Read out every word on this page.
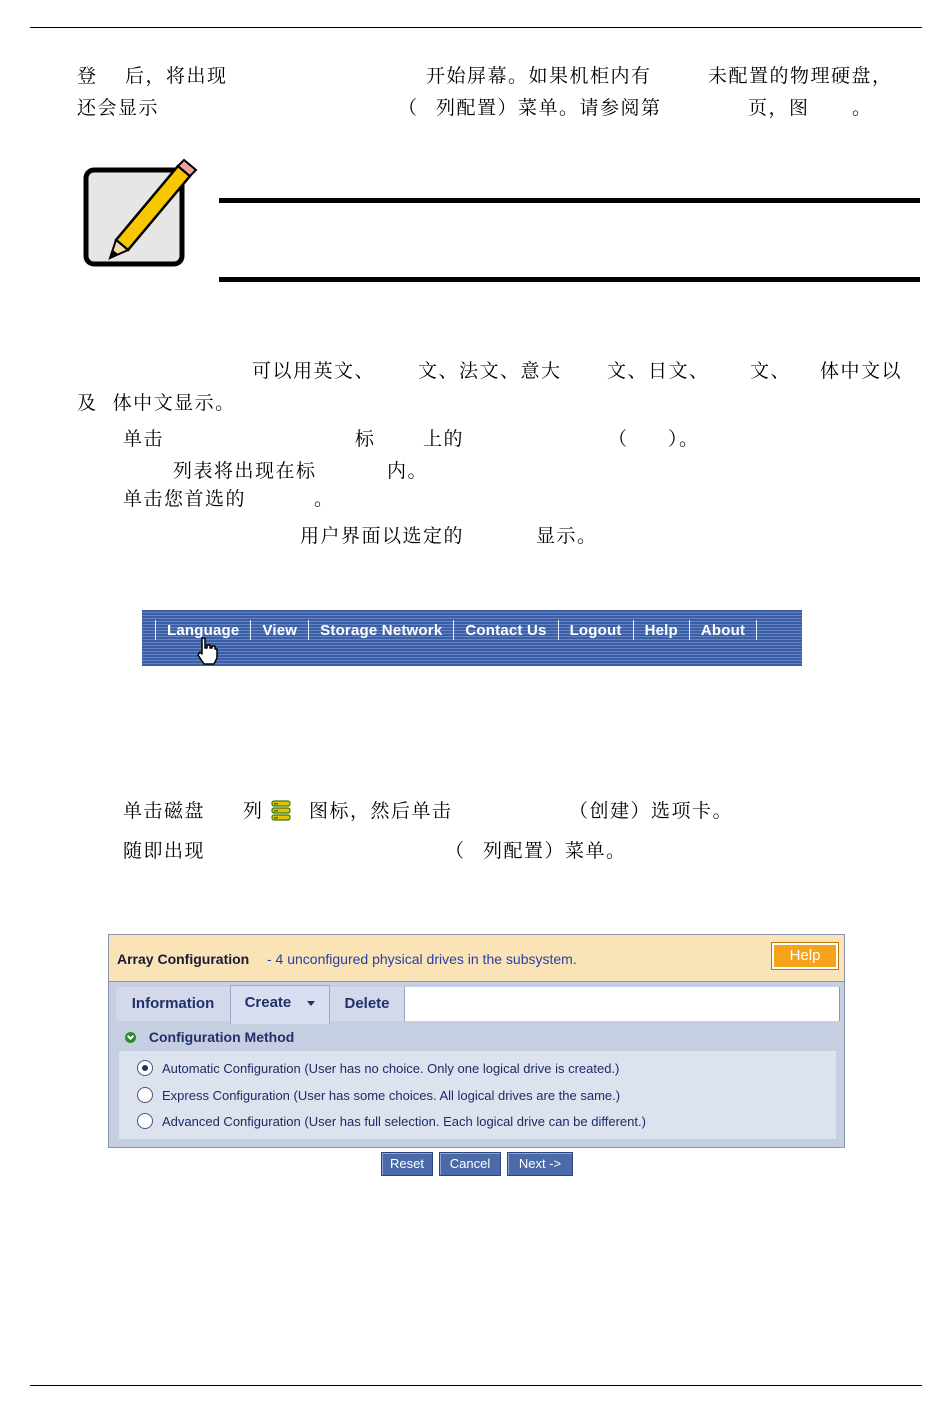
登 后，将出现	开始屏幕。如果机柜内有	未配置的物理硬盘，
还会显示	（ 列配置）菜单。请参阅第	页，图 。
可以用英文、 文、法文、意大 文、日文、 文、 体中文以
及  体中文显示。
单击	标 上的	（ ）。
列表将出现在标	内。
单击您首选的	。
用户界面以选定的	显示。
Language	View	Storage Network	Contact Us	Logout	Help	About
单击磁盘 列 图标，然后单击	（创建）选项卡。
随即出现	（ 列配置）菜单。
Array Configuration - 4 unconfigured physical drives in the subsystem.	Help
Information	Create	Delete
Configuration Method
Automatic Configuration (User has no choice. Only one logical drive is created.)
Express Configuration (User has some choices. All logical drives are the same.)
Advanced Configuration (User has full selection. Each logical drive can be different.)
Reset	Cancel	Next ->
